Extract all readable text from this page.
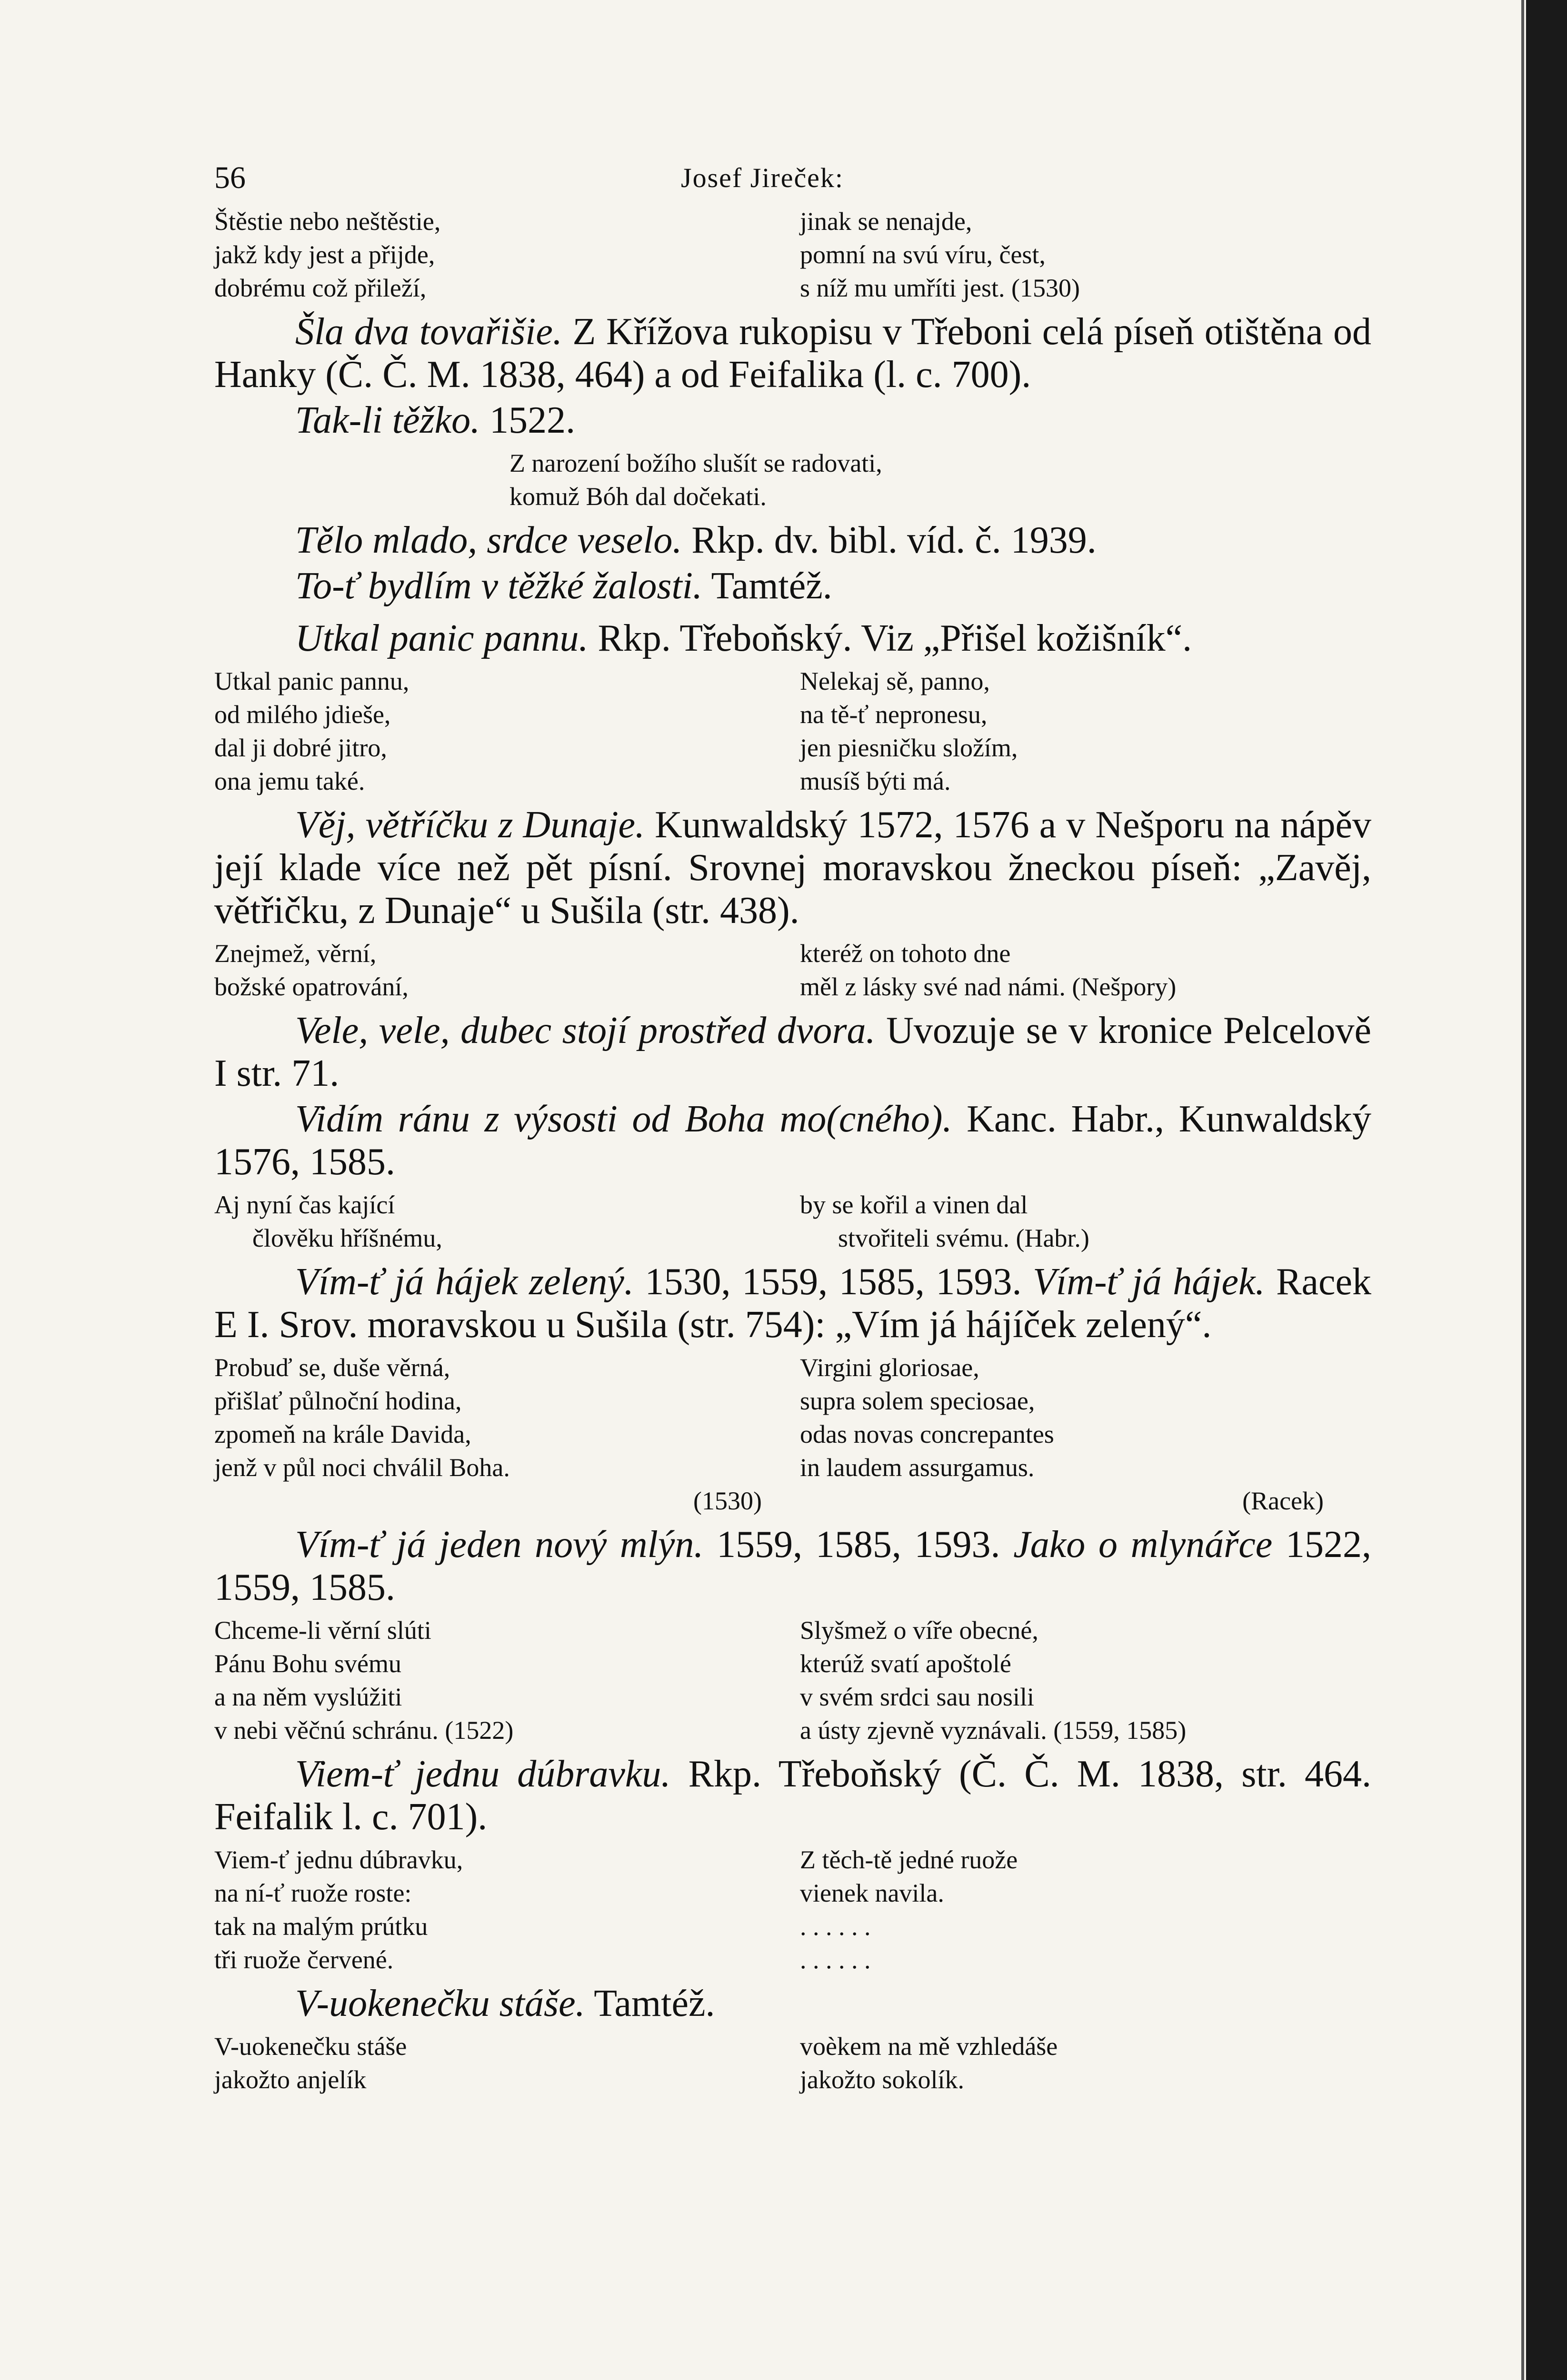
56	Josef Jireček:
Štěstie nebo neštěstie,
jakž kdy jest a přijde,
dobrému což přileží,
jinak se nenajde,
pomní na svú víru, čest,
s níž mu umříti jest. (1530)
Šla dva tovařišie. Z Křížova rukopisu v Třeboni celá píseň otištěna od Hanky (Č. Č. M. 1838, 464) a od Feifalika (l. c. 700).
Tak-li těžko. 1522.
Z narození božího slušít se radovati,
komuž Bóh dal dočekati.
Tělo mlado, srdce veselo. Rkp. dv. bibl. víd. č. 1939.
To-ť bydlím v těžké žalosti. Tamtéž.
Utkal panic pannu. Rkp. Třeboňský. Viz „Přišel kožišník“.
Utkal panic pannu,
od milého jdieše,
dal ji dobré jitro,
ona jemu také.
Nelekaj sě, panno,
na tě-ť nepronesu,
jen piesničku složím,
musíš býti má.
Věj, větříčku z Dunaje. Kunwaldský 1572, 1576 a v Nešporu na nápěv její klade více než pět písní. Srovnej moravskou žneckou píseň: „Zavěj, větřičku, z Dunaje“ u Sušila (str. 438).
Znejmež, věrní,
božské opatrování,
kteréž on tohoto dne
měl z lásky své nad námi. (Nešpory)
Vele, vele, dubec stojí prostřed dvora. Uvozuje se v kronice Pelcelově I str. 71.
Vidím ránu z výsosti od Boha mo(cného). Kanc. Habr., Kunwaldský 1576, 1585.
Aj nyní čas kající
člověku hříšnému,
by se kořil a vinen dal
stvořiteli svému. (Habr.)
Vím-ť já hájek zelený. 1530, 1559, 1585, 1593. Vím-ť já hájek. Racek E I. Srov. moravskou u Sušila (str. 754): „Vím já hájíček zelený“.
Probuď se, duše věrná,
přišlať půlnoční hodina,
zpomeň na krále Davida,
jenž v půl noci chválil Boha.
(1530)
Virgini gloriosae,
supra solem speciosae,
odas novas concrepantes
in laudem assurgamus.
(Racek)
Vím-ť já jeden nový mlýn. 1559, 1585, 1593. Jako o mlynářce 1522, 1559, 1585.
Chceme-li věrní slúti
Pánu Bohu svému
a na něm vyslúžiti
v nebi věčnú schránu. (1522)
Slyšmež o víře obecné,
kterúž svatí apoštolé
v svém srdci sau nosili
a ústy zjevně vyznávali. (1559, 1585)
Viem-ť jednu dúbravku. Rkp. Třeboňský (Č. Č. M. 1838, str. 464. Feifalik l. c. 701).
Viem-ť jednu dúbravku,
na ní-ť ruože roste:
tak na malým prútku
tři ruože červené.
Z těch-tě jedné ruože
vienek navila.
. . . . . .
. . . . . .
V-uokenečku stáše. Tamtéž.
V-uokenečku stáše
jakožto anjelík
voèkem na mě vzhledáše
jakožto sokolík.
